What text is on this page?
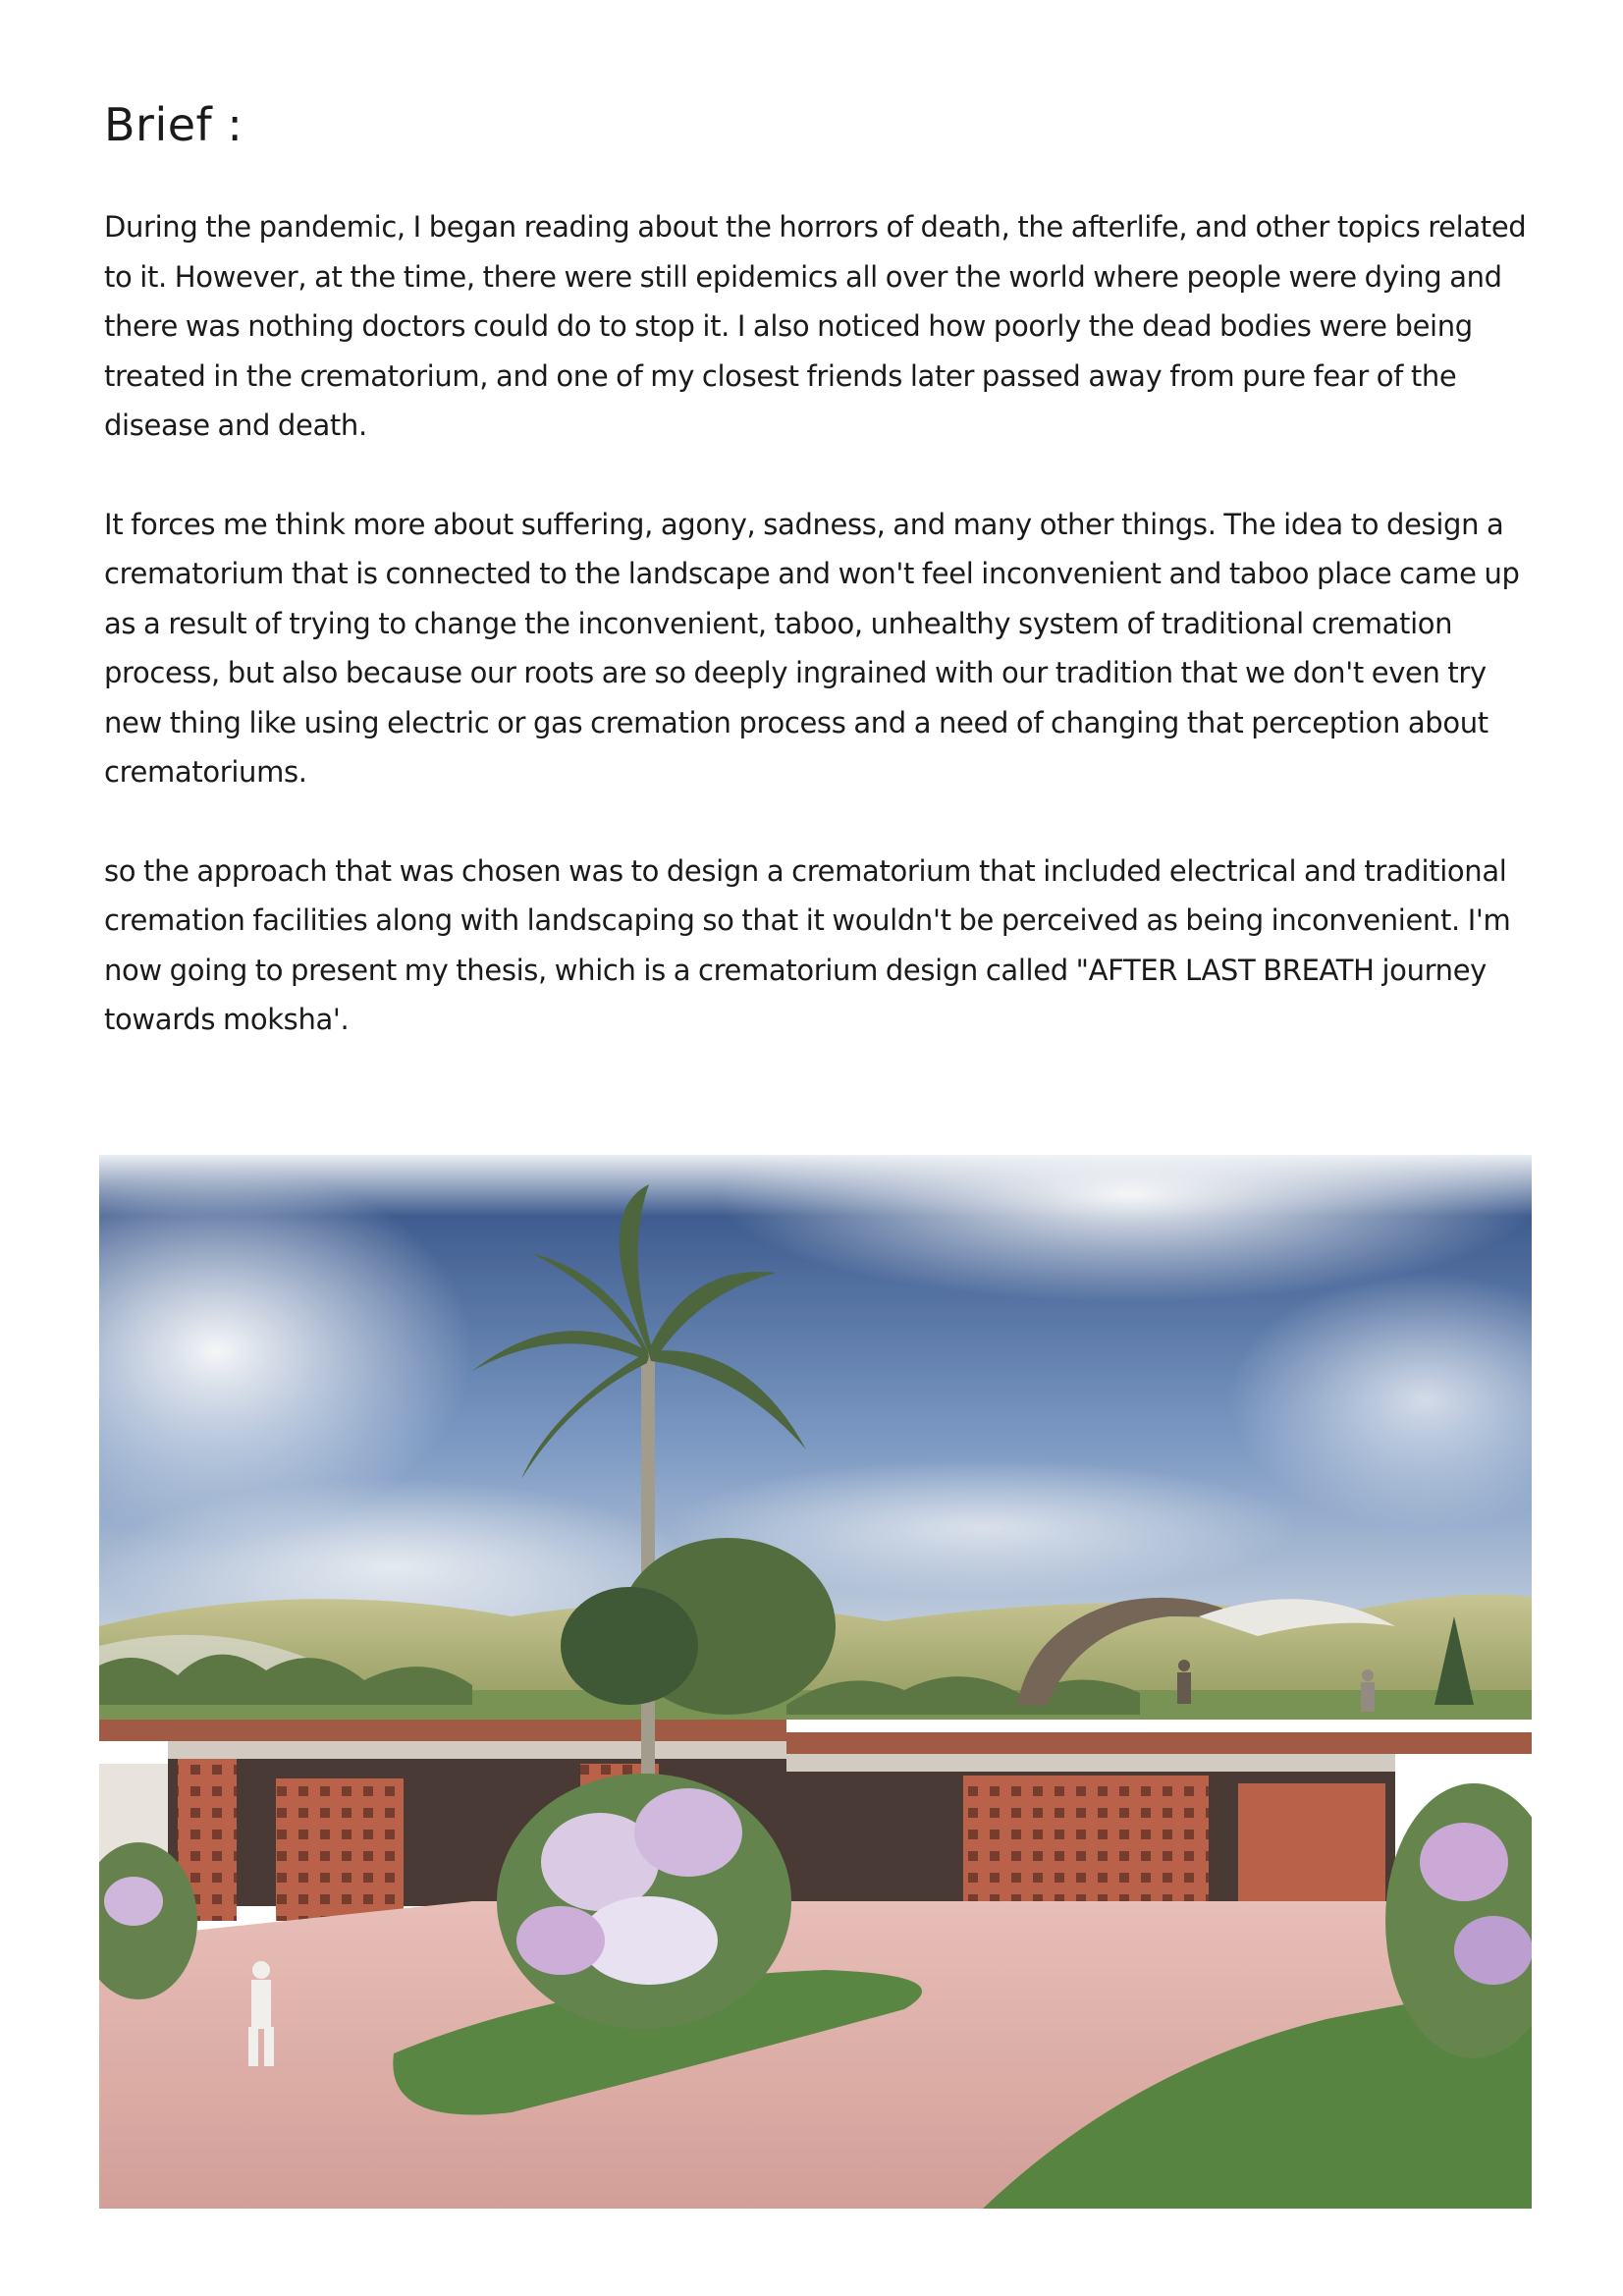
Brief :

During the pandemic, I began reading about the horrors of death, the afterlife, and other topics related to it. However, at the time, there were still epidemics all over the world where people were dying and there was nothing doctors could do to stop it. I also noticed how poorly the dead bodies were being treated in the crematorium, and one of my closest friends later passed away from pure fear of the disease and death.

It forces me think more about suffering, agony, sadness, and many other things. The idea to design a crematorium that is connected to the landscape and won't feel inconvenient and taboo place came up as a result of trying to change the inconvenient, taboo, unhealthy system of traditional cremation process, but also because our roots are so deeply ingrained with our tradition that we don't even try new thing like using electric or gas cremation process and a need of changing that perception about crematoriums.

so the approach that was chosen was to design a crematorium that included electrical and traditional cremation facilities along with landscaping so that it wouldn't be perceived as being inconvenient. I'm now going to present my thesis, which is a crematorium design called "AFTER LAST BREATH journey towards moksha'.
